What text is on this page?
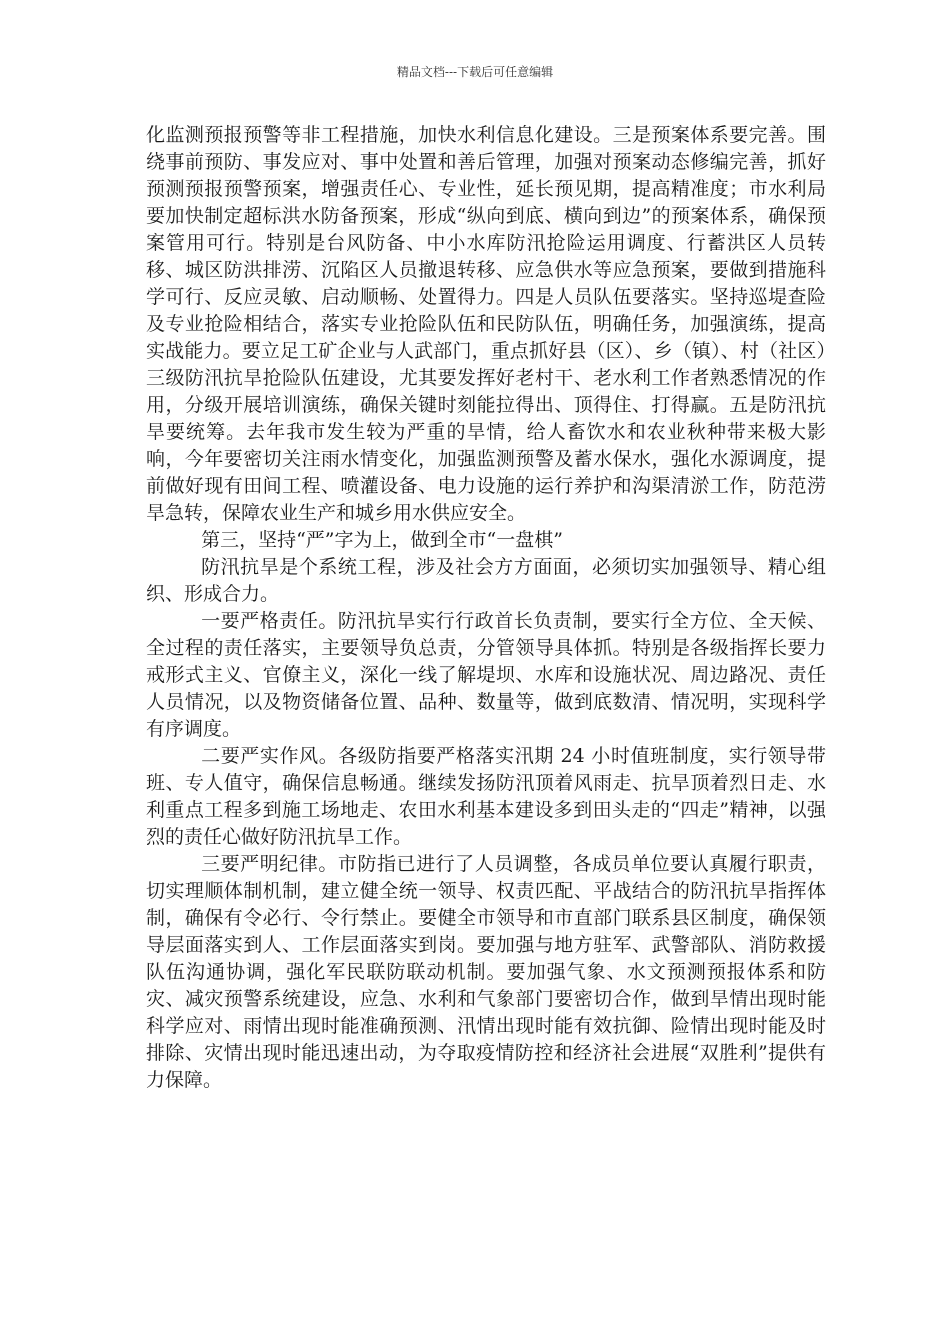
精品文档---下载后可任意编辑

化监测预报预警等非工程措施，加快水利信息化建设。三是预案体系要完善。围绕事前预防、事发应对、事中处置和善后管理，加强对预案动态修编完善，抓好预测预报预警预案，增强责任心、专业性，延长预见期，提高精准度；市水利局要加快制定超标洪水防备预案，形成“纵向到底、横向到边”的预案体系，确保预案管用可行。特别是台风防备、中小水库防汛抢险运用调度、行蓄洪区人员转移、城区防洪排涝、沉陷区人员撤退转移、应急供水等应急预案，要做到措施科学可行、反应灵敏、启动顺畅、处置得力。四是人员队伍要落实。坚持巡堤查险及专业抢险相结合，落实专业抢险队伍和民防队伍，明确任务，加强演练，提高实战能力。要立足工矿企业与人武部门，重点抓好县（区）、乡（镇）、村（社区）三级防汛抗旱抢险队伍建设，尤其要发挥好老村干、老水利工作者熟悉情况的作用，分级开展培训演练，确保关键时刻能拉得出、顶得住、打得赢。五是防汛抗旱要统筹。去年我市发生较为严重的旱情，给人畜饮水和农业秋种带来极大影响，今年要密切关注雨水情变化，加强监测预警及蓄水保水，强化水源调度，提前做好现有田间工程、喷灌设备、电力设施的运行养护和沟渠清淤工作，防范涝旱急转，保障农业生产和城乡用水供应安全。

第三，坚持“严”字为上，做到全市“一盘棋”

防汛抗旱是个系统工程，涉及社会方方面面，必须切实加强领导、精心组织、形成合力。

一要严格责任。防汛抗旱实行行政首长负责制，要实行全方位、全天候、全过程的责任落实，主要领导负总责，分管领导具体抓。特别是各级指挥长要力戒形式主义、官僚主义，深化一线了解堤坝、水库和设施状况、周边路况、责任人员情况，以及物资储备位置、品种、数量等，做到底数清、情况明，实现科学有序调度。

二要严实作风。各级防指要严格落实汛期 24 小时值班制度，实行领导带班、专人值守，确保信息畅通。继续发扬防汛顶着风雨走、抗旱顶着烈日走、水利重点工程多到施工场地走、农田水利基本建设多到田头走的“四走”精神，以强烈的责任心做好防汛抗旱工作。

三要严明纪律。市防指已进行了人员调整，各成员单位要认真履行职责，切实理顺体制机制，建立健全统一领导、权责匹配、平战结合的防汛抗旱指挥体制，确保有令必行、令行禁止。要健全市领导和市直部门联系县区制度，确保领导层面落实到人、工作层面落实到岗。要加强与地方驻军、武警部队、消防救援队伍沟通协调，强化军民联防联动机制。要加强气象、水文预测预报体系和防灾、减灾预警系统建设，应急、水利和气象部门要密切合作，做到旱情出现时能科学应对、雨情出现时能准确预测、汛情出现时能有效抗御、险情出现时能及时排除、灾情出现时能迅速出动，为夺取疫情防控和经济社会进展“双胜利”提供有力保障。
